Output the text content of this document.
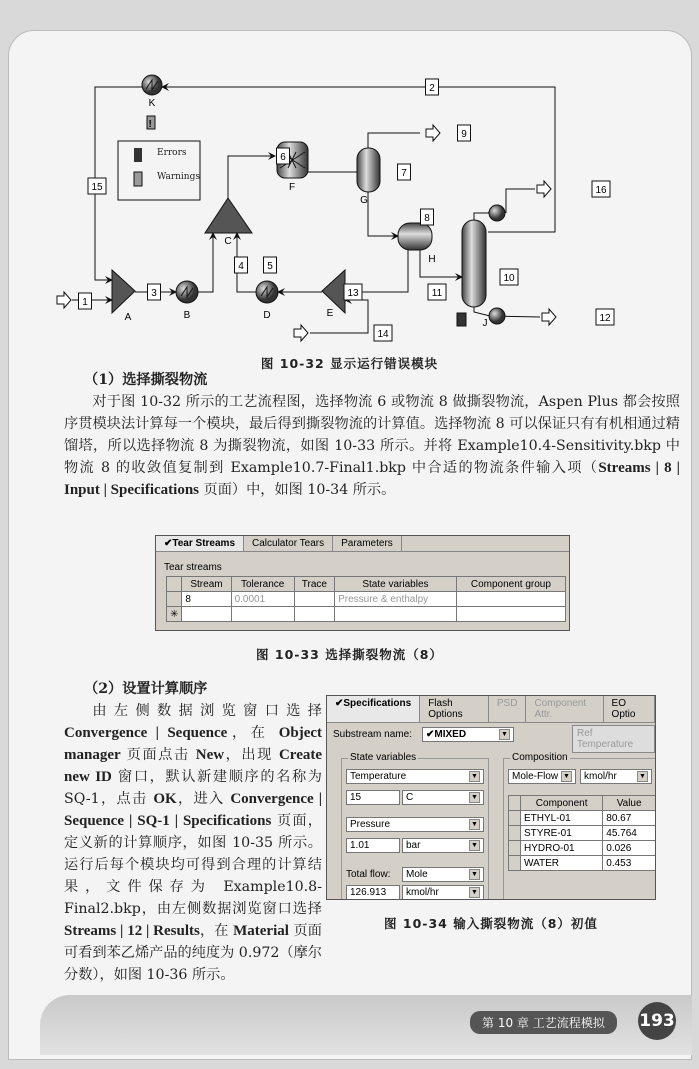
!
1
2
3
4 5
6
7
8
9
10
11
12
13
14
15	16
A	B
C
D	E
F
G
H
J
K
Errors
Warnings
图 10-32 显示运行错误模块
（1）选择撕裂物流
对于图 10-32 所示的工艺流程图，选择物流 6 或物流 8 做撕裂物流，Aspen Plus 都会按照序贯模块法计算每一个模块，最后得到撕裂物流的计算值。选择物流 8 可以保证只有有机相通过精馏塔，所以选择物流 8 为撕裂物流，如图 10-33 所示。并将 Example10.4-Sensitivity.bkp 中物流 8 的收敛值复制到 Example10.7-Final1.bkp 中合适的物流条件输入项（Streams | 8 | Input | Specifications 页面）中，如图 10-34 所示。
✔Tear Streams	Calculator Tears	Parameters
Tear streams
	Stream	Tolerance	Trace	State variables	Component group
	8	0.0001		Pressure & enthalpy	
✳					
图 10-33 选择撕裂物流（8）
（2）设置计算顺序
由左侧数据浏览窗口选择 Convergence | Sequence，在 Object manager 页面点击 New，出现 Create new ID 窗口，默认新建顺序的名称为 SQ-1，点击 OK，进入 Convergence | Sequence | SQ-1 | Specifications 页面，定义新的计算顺序，如图 10-35 所示。运行后每个模块均可得到合理的计算结果，文件保存为 Example10.8-Final2.bkp，由左侧数据浏览窗口选择 Streams | 12 | Results，在 Material 页面可看到苯乙烯产品的纯度为 0.972（摩尔分数），如图 10-36 所示。
✔Specifications	Flash Options
PSD	Component Attr.
EO Optio
Substream name: ✔MIXED	▼	Ref Temperature
State variables
Temperature	▼
15	C	▼
Pressure	▼
1.01	bar	▼
Total flow: Mole	▼
126.913 kmol/hr	▼
Composition
Mole-Flow ▼ kmol/hr	▼
	Component	Value
	ETHYL-01	80.67
	STYRE-01	45.764
	HYDRO-01	0.026
	WATER	0.453
图 10-34 输入撕裂物流（8）初值
第 10 章 工艺流程模拟	193
